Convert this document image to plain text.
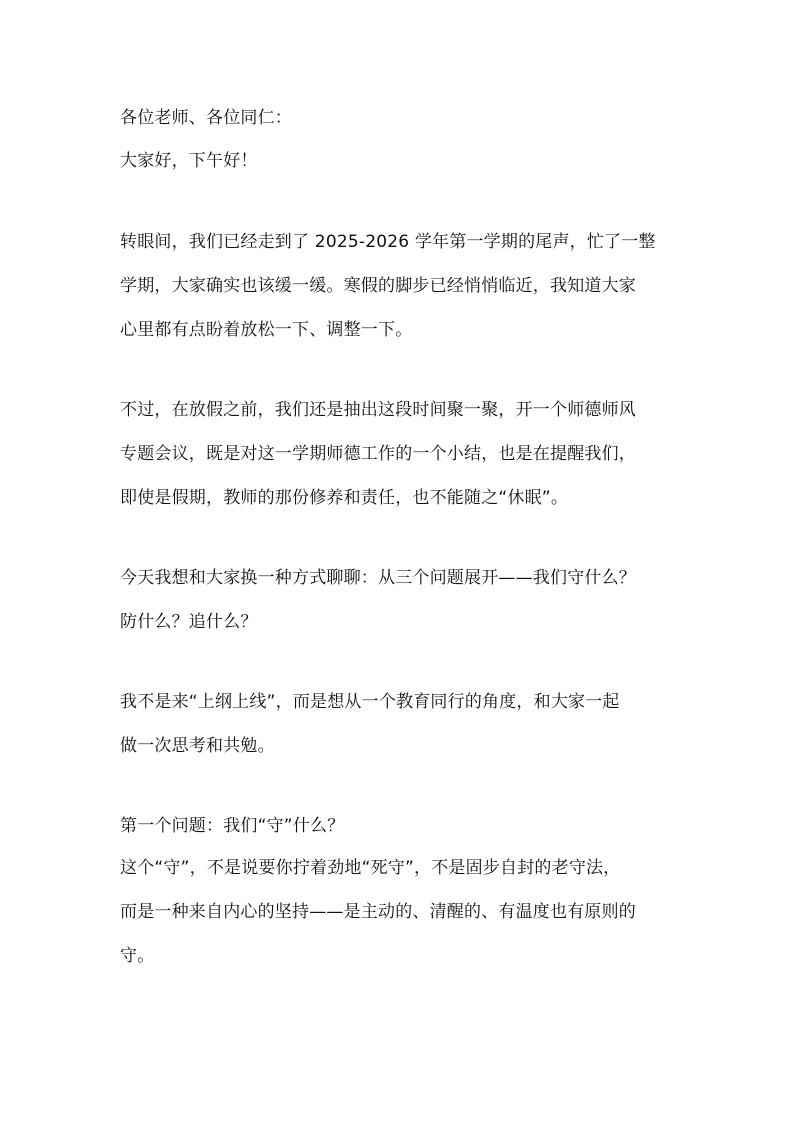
各位老师、各位同仁：
大家好，下午好！
转眼间，我们已经走到了 2025-2026 学年第一学期的尾声，忙了一整
学期，大家确实也该缓一缓。寒假的脚步已经悄悄临近，我知道大家
心里都有点盼着放松一下、调整一下。
不过，在放假之前，我们还是抽出这段时间聚一聚，开一个师德师风
专题会议，既是对这一学期师德工作的一个小结，也是在提醒我们，
即使是假期，教师的那份修养和责任，也不能随之“休眠”。
今天我想和大家换一种方式聊聊：从三个问题展开——我们守什么？
防什么？追什么？
我不是来“上纲上线”，而是想从一个教育同行的角度，和大家一起
做一次思考和共勉。
第一个问题：我们“守”什么？
这个“守”，不是说要你拧着劲地“死守”，不是固步自封的老守法，
而是一种来自内心的坚持——是主动的、清醒的、有温度也有原则的
守。
